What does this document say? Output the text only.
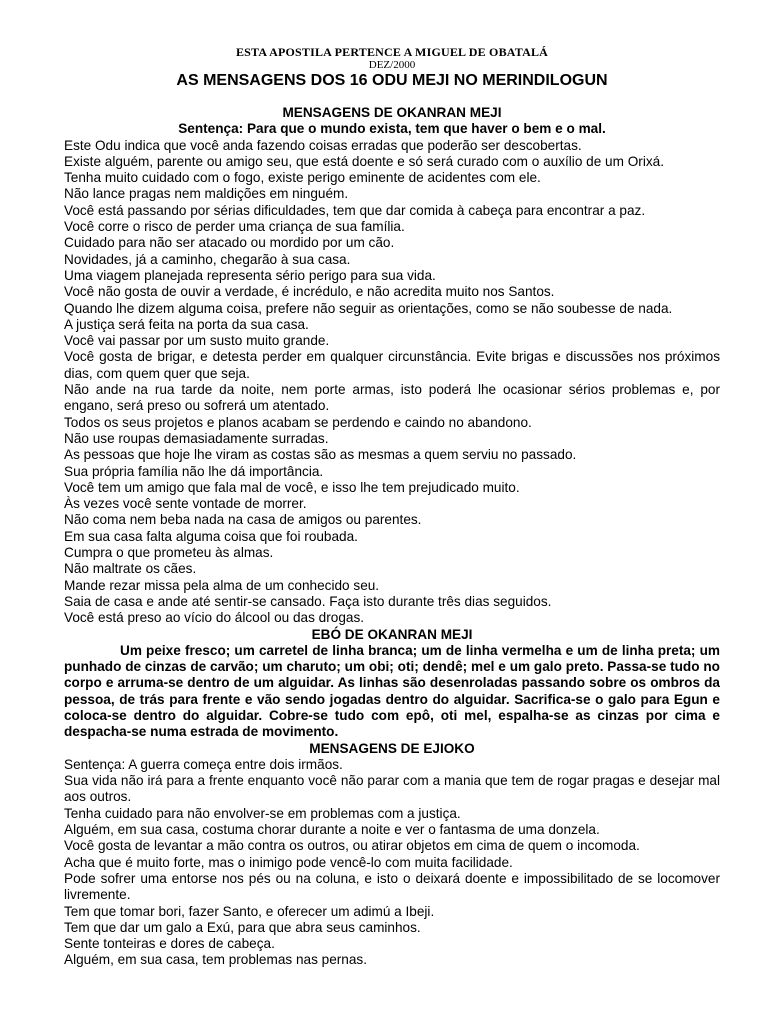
ESTA APOSTILA PERTENCE A MIGUEL DE OBATALÁ
DEZ/2000
AS MENSAGENS DOS 16 ODU MEJI NO MERINDILOGUN
MENSAGENS DE OKANRAN MEJI
Sentença: Para que o mundo exista, tem que haver o bem e o mal.
Este Odu indica que você anda fazendo coisas erradas que poderão ser descobertas.
Existe alguém, parente ou amigo seu, que está doente e só será curado com o auxílio de um Orixá.
Tenha muito cuidado com o fogo, existe perigo eminente de acidentes com ele.
Não lance pragas nem maldições em ninguém.
Você está passando por sérias dificuldades, tem que dar comida à cabeça para encontrar a paz.
Você corre o risco de perder uma criança de sua família.
Cuidado para não ser atacado ou mordido por um cão.
Novidades, já a caminho, chegarão à sua casa.
Uma viagem planejada representa sério perigo para sua vida.
Você não gosta de ouvir a verdade, é incrédulo, e não acredita muito nos Santos.
Quando lhe dizem alguma coisa, prefere não seguir as orientações, como se não soubesse de nada.
A justiça será feita na porta da sua casa.
Você vai passar por um susto muito grande.
Você gosta de brigar, e detesta perder em qualquer circunstância. Evite brigas e discussões nos próximos dias, com quem quer que seja.
Não ande na rua tarde da noite, nem porte armas, isto poderá lhe ocasionar sérios problemas e, por engano, será preso ou sofrerá um atentado.
Todos os seus projetos e planos acabam se perdendo e caindo no abandono.
Não use roupas demasiadamente surradas.
As pessoas que hoje lhe viram as costas são as mesmas a quem serviu no passado.
Sua própria família não lhe dá importância.
Você tem um amigo que fala mal de você, e isso lhe tem prejudicado muito.
Às vezes você sente vontade de morrer.
Não coma nem beba nada na casa de amigos ou parentes.
Em sua casa falta alguma coisa que foi roubada.
Cumpra o que prometeu às almas.
Não maltrate os cães.
Mande rezar missa pela alma de um conhecido seu.
Saia de casa e ande até sentir-se cansado. Faça isto durante três dias seguidos.
Você está preso ao vício do álcool ou das drogas.
EBÓ DE OKANRAN MEJI
Um peixe fresco; um carretel de linha branca; um de linha vermelha e um de linha preta; um punhado de cinzas de carvão; um charuto; um obi; oti; dendê; mel e um galo preto. Passa-se tudo no corpo e arruma-se dentro de um alguidar. As linhas são desenroladas passando sobre os ombros da pessoa, de trás para frente e vão sendo jogadas dentro do alguidar. Sacrifica-se o galo para Egun e coloca-se dentro do alguidar. Cobre-se tudo com epô, oti mel, espalha-se as cinzas por cima e despacha-se numa estrada de movimento.
MENSAGENS DE EJIOKO
Sentença: A guerra começa entre dois irmãos.
Sua vida não irá para a frente enquanto você não parar com a mania que tem de rogar pragas e desejar mal aos outros.
Tenha cuidado para não envolver-se em problemas com a justiça.
Alguém, em sua casa, costuma chorar durante a noite e ver o fantasma de uma donzela.
Você gosta de levantar a mão contra os outros, ou atirar objetos em cima de quem o incomoda.
Acha que é muito forte, mas o inimigo pode vencê-lo com muita facilidade.
Pode sofrer uma entorse nos pés ou na coluna, e isto o deixará doente e impossibilitado de se locomover livremente.
Tem que tomar bori, fazer Santo, e oferecer um adimú a Ibeji.
Tem que dar um galo a Exú, para que abra seus caminhos.
Sente tonteiras e dores de cabeça.
Alguém, em sua casa, tem problemas nas pernas.
